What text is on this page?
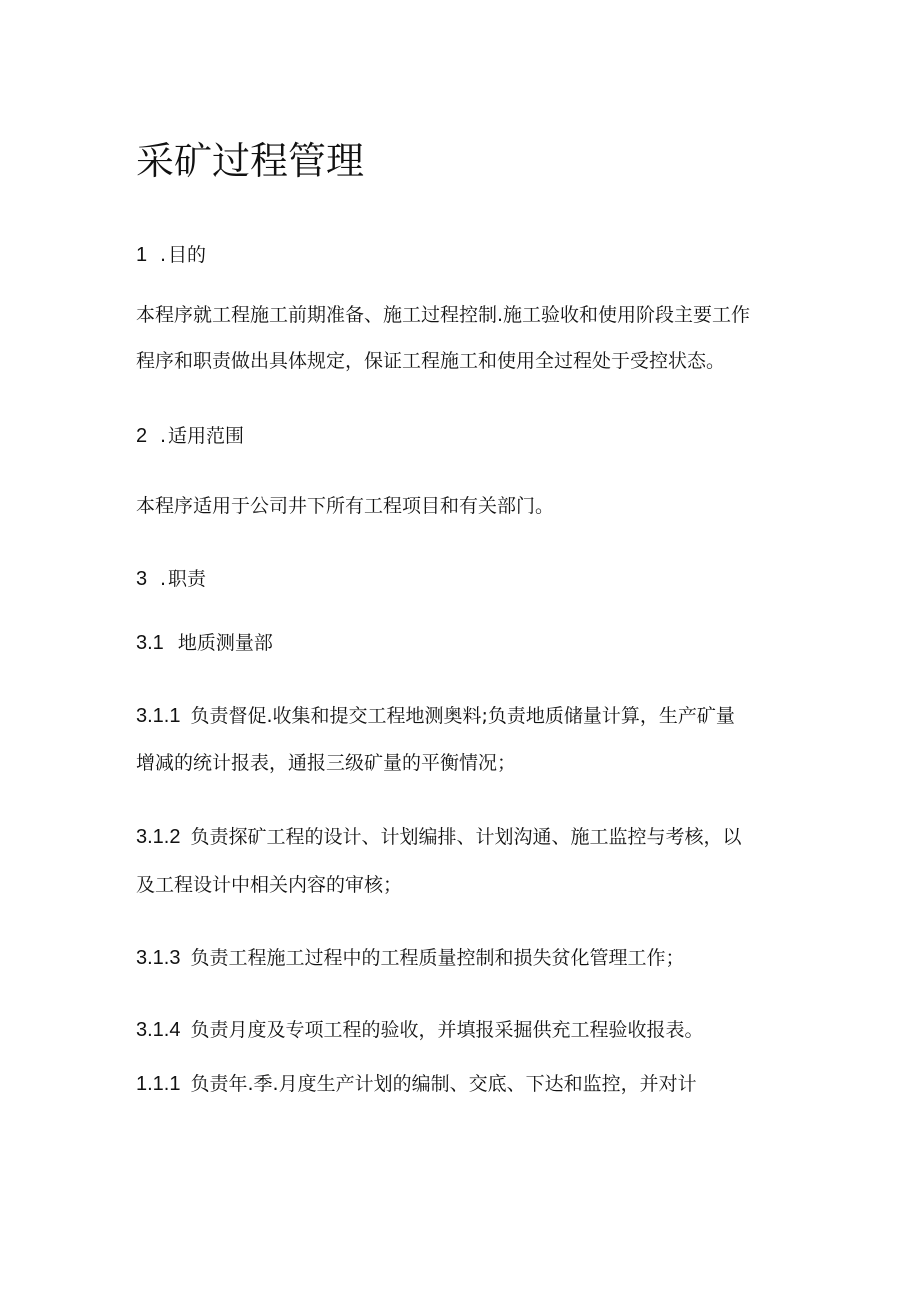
采矿过程管理
1 . 目的
本程序就工程施工前期准备、施工过程控制.施工验收和使用阶段主要工作
程序和职责做出具体规定，保证工程施工和使用全过程处于受控状态。
2 . 适用范围
本程序适用于公司井下所有工程项目和有关部门。
3 . 职责
3.1 地质测量部
3.1.1 负责督促.收集和提交工程地测奥料;负责地质储量计算，生产矿量
增减的统计报表，通报三级矿量的平衡情况；
3.1.2 负责探矿工程的设计、计划编排、计划沟通、施工监控与考核，以
及工程设计中相关内容的审核；
3.1.3 负责工程施工过程中的工程质量控制和损失贫化管理工作；
3.1.4 负责月度及专项工程的验收，并填报采掘供充工程验收报表。
1.1.1 负责年.季.月度生产计划的编制、交底、下达和监控，并对计
